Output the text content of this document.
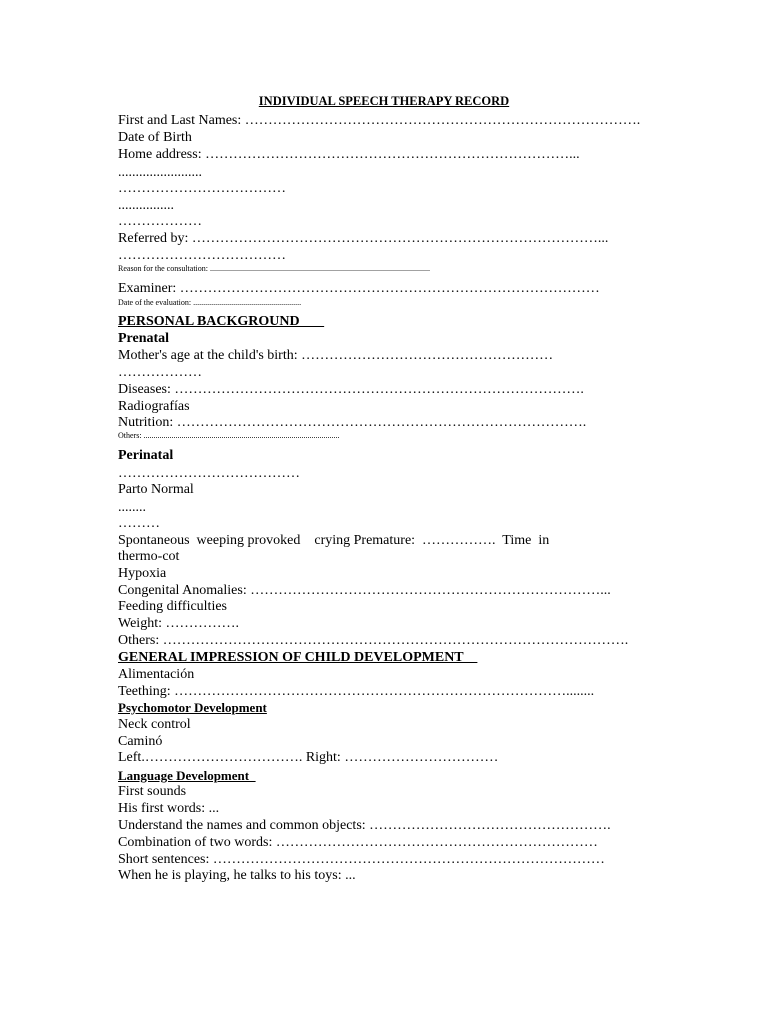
INDIVIDUAL SPEECH THERAPY RECORD
First and Last Names: ………………………………………………………………………….
Date of Birth
Home address: ……………………………………………………………………...
........................
………………………………
................
………………
Referred by: ……………………………………………………………………………...
………………………………
Reason for the consultation: ..............................................................................................................
Examiner: ………………………………………………………………………………
Date of the evaluation: ......................................................
PERSONAL BACKGROUND
Prenatal
Mother's age at the child's birth: ………………………………………………
………………
Diseases: …………………………………………………………………………….
Radiografías
Nutrition: …………………………………………………………………………….
Others: ..................................................................................................
Perinatal
…………………………………
Parto Normal
........
………
Spontaneous  weeping provoked    crying Premature:  …………….  Time  in
thermo-cot
Hypoxia
Congenital Anomalies: …………………………………………………………………...
Feeding difficulties
Weight: …………….
Others: ……………………………………………………………………………………….
GENERAL IMPRESSION OF CHILD DEVELOPMENT
Alimentación
Teething: …………………………………………………………………………........
Psychomotor Development
Neck control
Caminó
Left.……………………………. Right: ……………………………
Language Development
First sounds
His first words: ...
Understand the names and common objects: …………………………………………….
Combination of two words: ……………………………………………………………
Short sentences: …………………………………………………………………………
When he is playing, he talks to his toys: ...
